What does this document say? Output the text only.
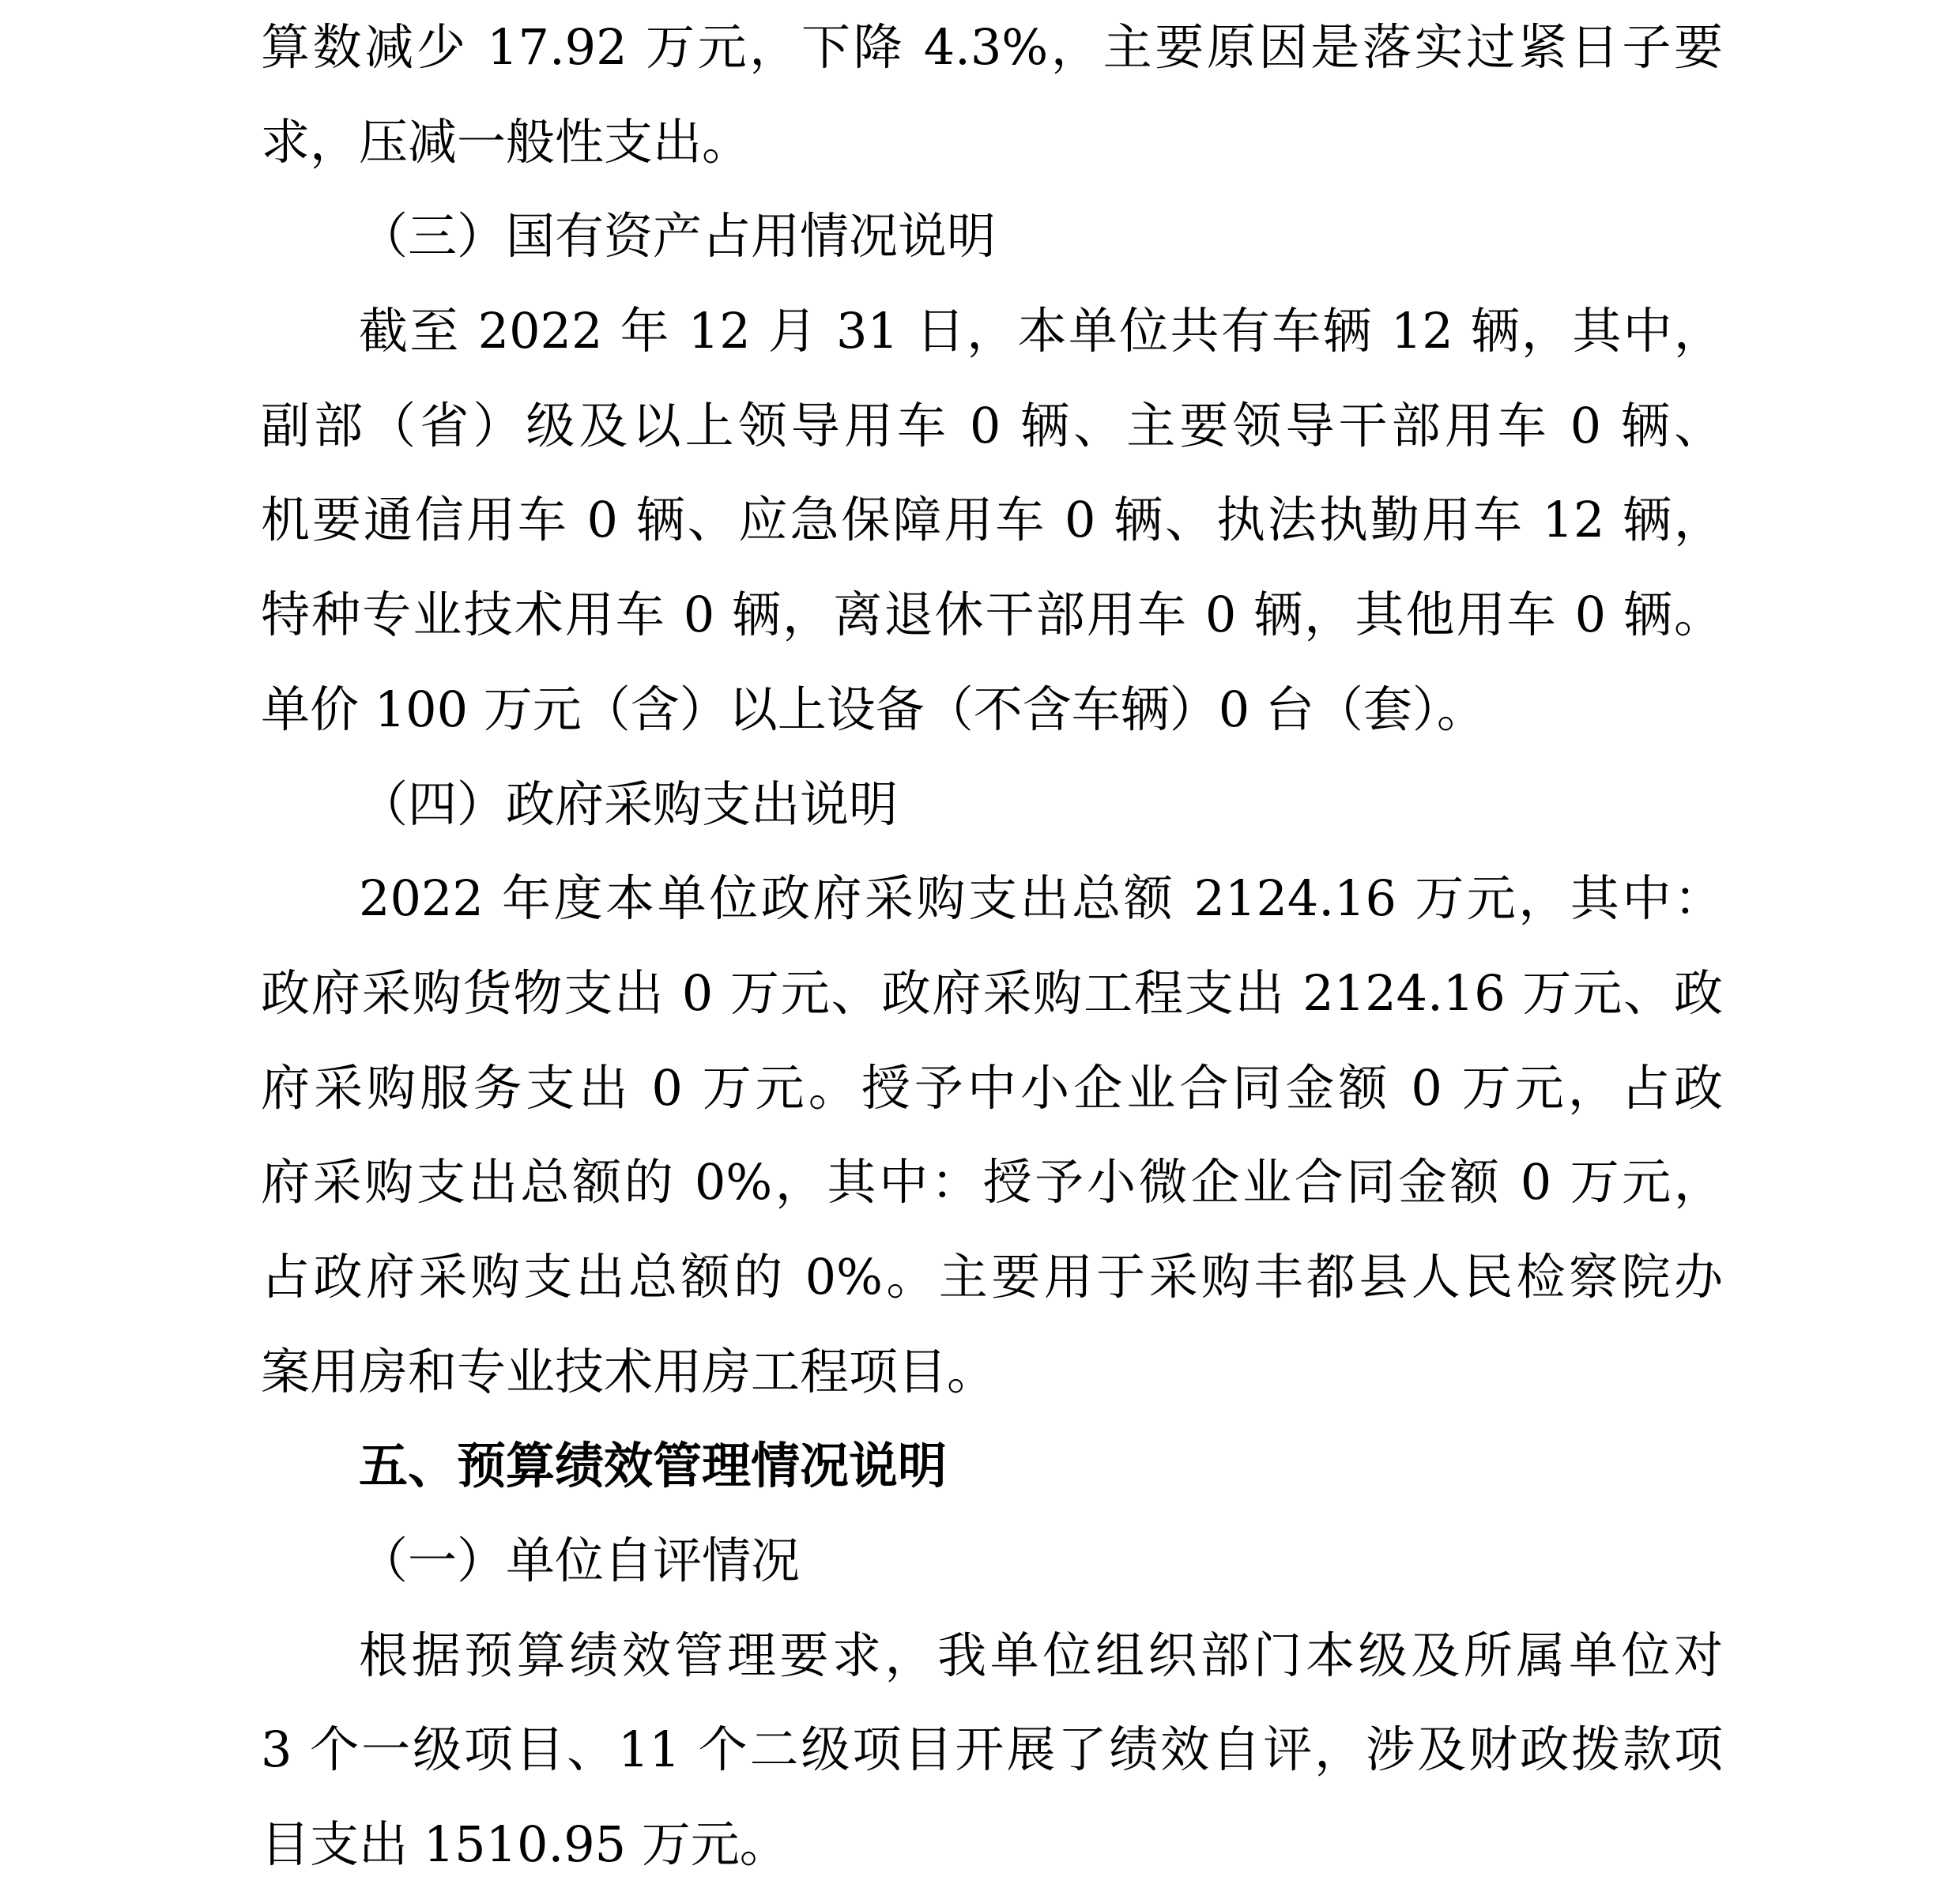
算数减少 17.92 万元，下降 4.3%，主要原因是落实过紧日子要

求，压减一般性支出。

（三）国有资产占用情况说明

截至 2022 年 12 月 31 日，本单位共有车辆 12 辆，其中，

副部（省）级及以上领导用车 0 辆、主要领导干部用车 0 辆、

机要通信用车 0 辆、应急保障用车 0 辆、执法执勤用车 12 辆，

特种专业技术用车 0 辆，离退休干部用车 0 辆，其他用车 0 辆。

单价 100 万元（含）以上设备（不含车辆）0 台（套）。

（四）政府采购支出说明

2022 年度本单位政府采购支出总额 2124.16 万元，其中：

政府采购货物支出 0 万元、政府采购工程支出 2124.16 万元、政

府采购服务支出 0 万元。授予中小企业合同金额 0 万元，占政

府采购支出总额的 0%，其中：授予小微企业合同金额 0 万元，

占政府采购支出总额的 0%。主要用于采购丰都县人民检察院办

案用房和专业技术用房工程项目。

五、预算绩效管理情况说明

（一）单位自评情况

根据预算绩效管理要求，我单位组织部门本级及所属单位对

3 个一级项目、11 个二级项目开展了绩效自评，涉及财政拨款项

目支出 1510.95 万元。
